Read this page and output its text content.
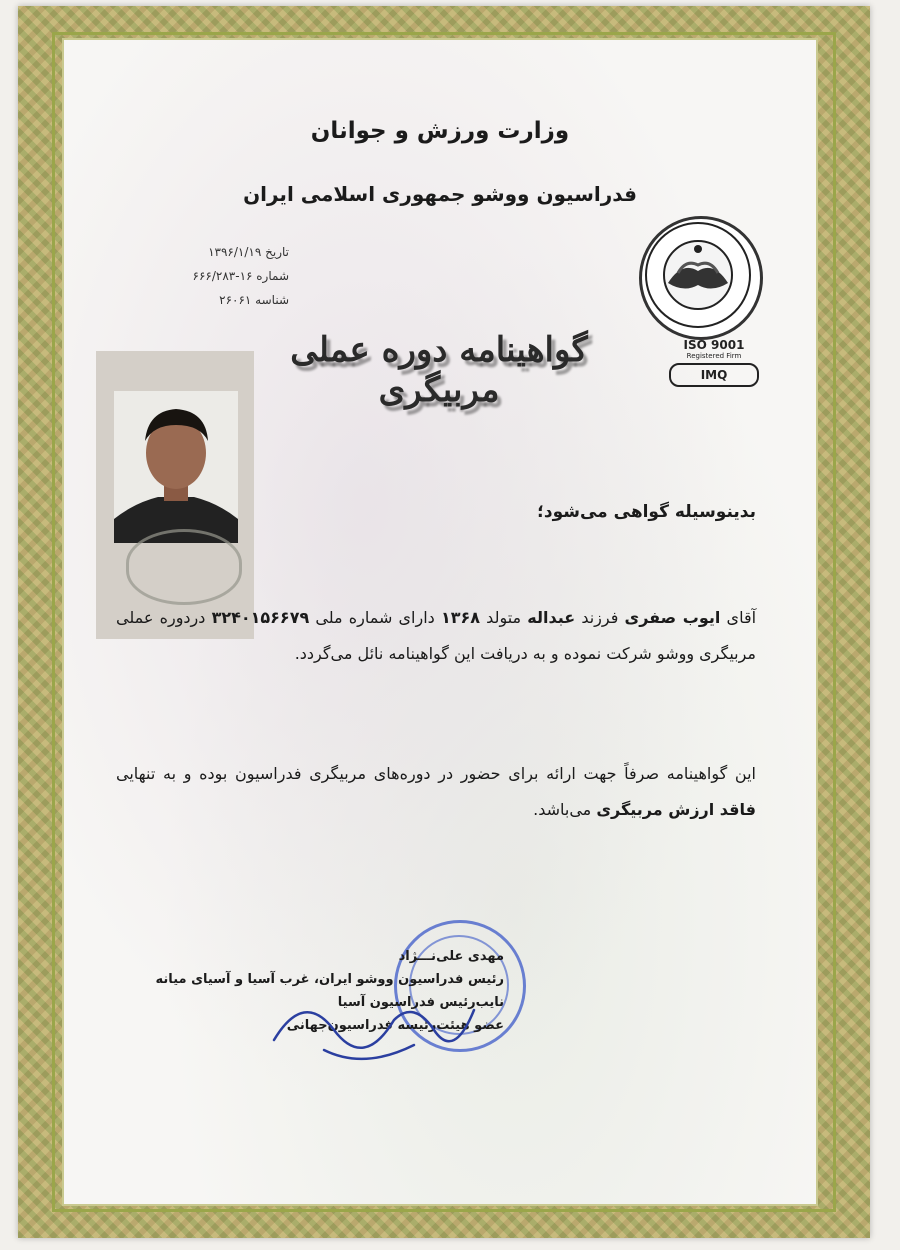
وزارت ورزش و جوانان
فدراسیون ووشو جمهوری اسلامی ایران
تاریخ ۱۳۹۶/۱/۱۹
شماره ۱۶-۶۶۶/۲۸۳
شناسه ۲۶۰۶۱
ISO 9001
Registered Firm
IMQ
گواهینامه دوره عملی مربیگری
بدینوسیله گواهی می‌شود؛
آقای ایوب صفری فرزند عبداله متولد ۱۳۶۸ دارای شماره ملی ۳۲۴۰۱۵۶۶۷۹ دردوره عملی مربیگری ووشو شرکت نموده و به دریافت این گواهینامه نائل می‌گردد.
این گواهینامه صرفاً جهت ارائه برای حضور در دوره‌های مربیگری فدراسیون بوده و به تنهایی فاقد ارزش مربیگری می‌باشد.
مهدی علی‌نـــژاد
رئیس فدراسیون ووشو ایران، غرب آسیا و آسیای میانه
نایب‌رئیس فدراسیون آسیا
عضو هیئت‌رئیسه فدراسیون‌جهانی
